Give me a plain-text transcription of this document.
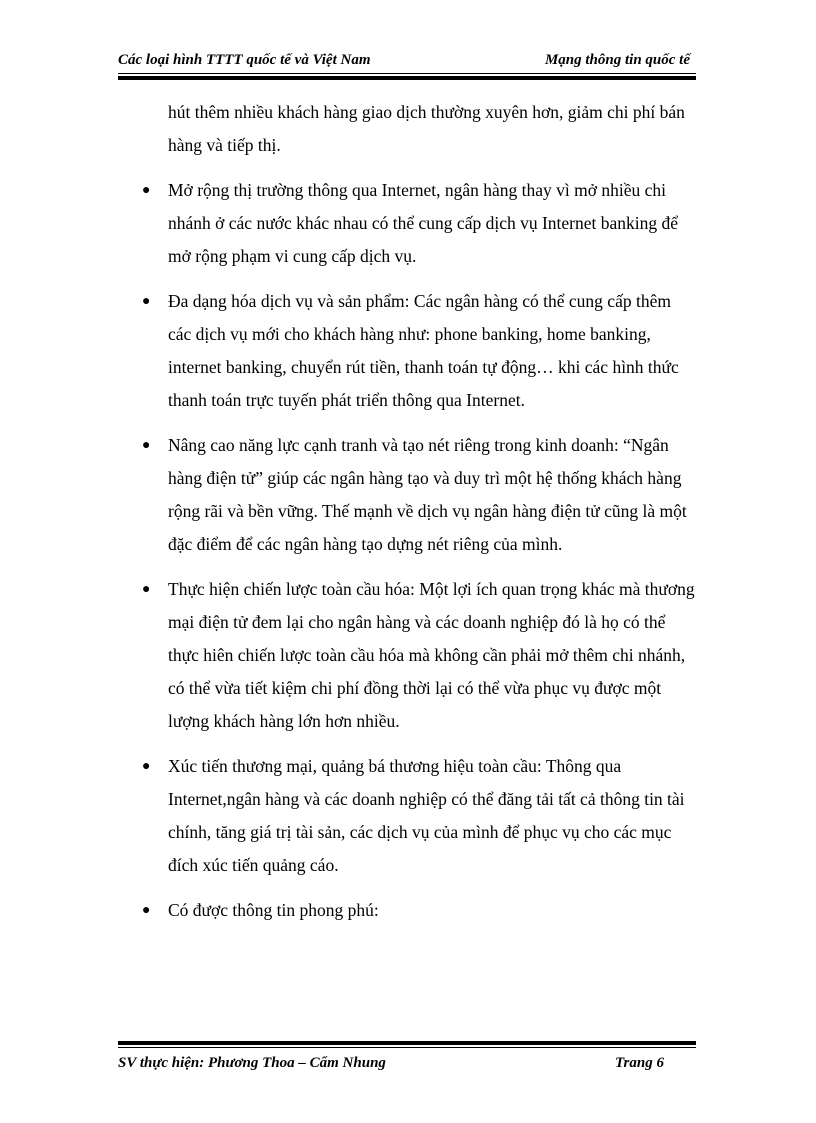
Các loại hình TTTT quốc tế và Việt Nam	Mạng thông tin quốc tế

hút thêm nhiều khách hàng giao dịch thường xuyên hơn, giảm chi phí bán hàng và tiếp thị.

● Mở rộng thị trường thông qua Internet, ngân hàng thay vì mở nhiều chi nhánh ở các nước khác nhau có thể cung cấp dịch vụ Internet banking để mở rộng phạm vi cung cấp dịch vụ.
● Đa dạng hóa dịch vụ và sản phẩm: Các ngân hàng có thể cung cấp thêm các dịch vụ mới cho khách hàng như: phone banking, home banking, internet banking, chuyển rút tiền, thanh toán tự động… khi các hình thức thanh toán trực tuyến phát triển thông qua Internet.
● Nâng cao năng lực cạnh tranh và tạo nét riêng trong kinh doanh: “Ngân hàng điện tử” giúp các ngân hàng tạo và duy trì một hệ thống khách hàng rộng rãi và bền vững. Thế mạnh về dịch vụ ngân hàng điện tử cũng là một đặc điểm để các ngân hàng tạo dựng nét riêng của mình.
● Thực hiện chiến lược toàn cầu hóa: Một lợi ích quan trọng khác mà thương mại điện tử đem lại cho ngân hàng và các doanh nghiệp đó là họ có thể thực hiên chiến lược toàn cầu hóa mà không cần phải mở thêm chi nhánh, có thể vừa tiết kiệm chi phí đồng thời lại có thể vừa phục vụ được một lượng khách hàng lớn hơn nhiều.
● Xúc tiến thương mại, quảng bá thương hiệu toàn cầu: Thông qua Internet,ngân hàng và các doanh nghiệp có thể đăng tải tất cả thông tin tài chính, tăng giá trị tài sản, các dịch vụ của mình để phục vụ cho các mục đích xúc tiến quảng cáo.
● Có được thông tin phong phú:
SV thực hiện: Phương Thoa – Cẩm Nhung	Trang 6
